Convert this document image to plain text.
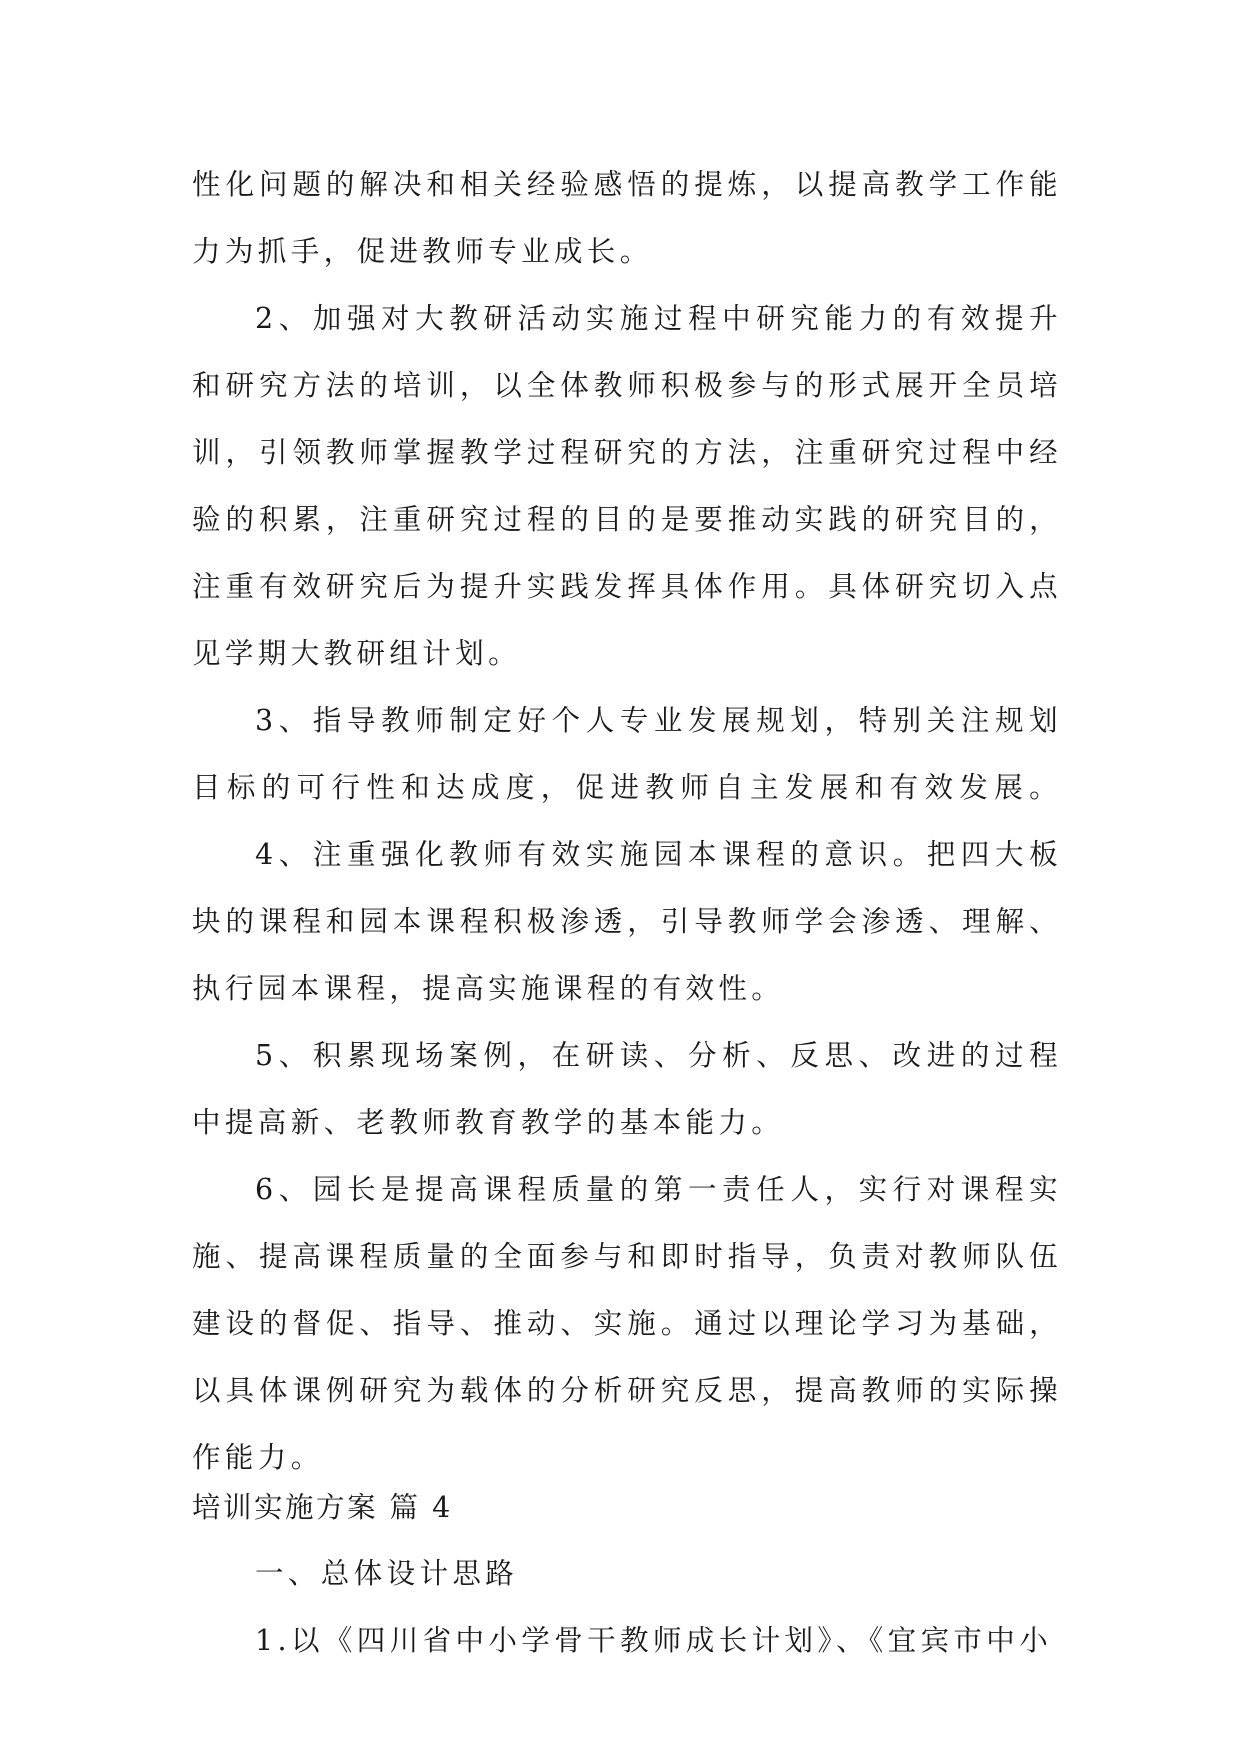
性化问题的解决和相关经验感悟的提炼，以提高教学工作能
力为抓手，促进教师专业成长。
2、加强对大教研活动实施过程中研究能力的有效提升
和研究方法的培训，以全体教师积极参与的形式展开全员培
训，引领教师掌握教学过程研究的方法，注重研究过程中经
验的积累，注重研究过程的目的是要推动实践的研究目的，
注重有效研究后为提升实践发挥具体作用。具体研究切入点
见学期大教研组计划。
3、指导教师制定好个人专业发展规划，特别关注规划
目标的可行性和达成度，促进教师自主发展和有效发展。
4、注重强化教师有效实施园本课程的意识。把四大板
块的课程和园本课程积极渗透，引导教师学会渗透、理解、
执行园本课程，提高实施课程的有效性。
5、积累现场案例，在研读、分析、反思、改进的过程
中提高新、老教师教育教学的基本能力。
6、园长是提高课程质量的第一责任人，实行对课程实
施、提高课程质量的全面参与和即时指导，负责对教师队伍
建设的督促、指导、推动、实施。通过以理论学习为基础，
以具体课例研究为载体的分析研究反思，提高教师的实际操
作能力。
培训实施方案 篇 4
一、总体设计思路
1.以《四川省中小学骨干教师成长计划》、《宜宾市中小
